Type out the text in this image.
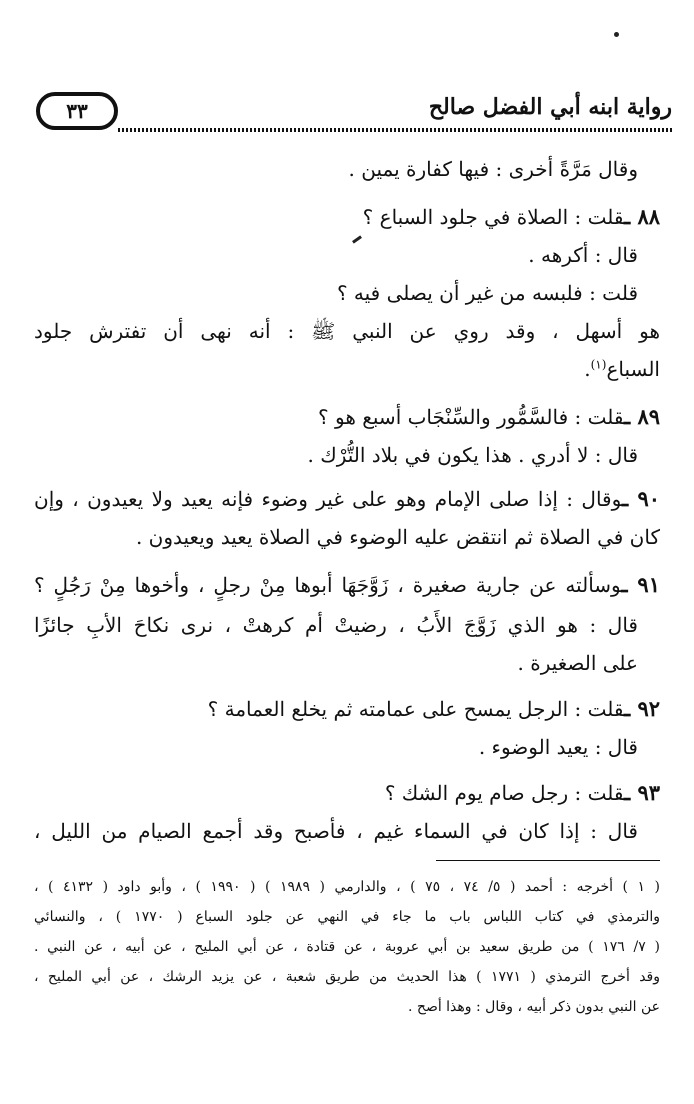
رواية ابنه أبي الفضل صالح
٣٣
وقال مَرَّةً أخرى : فيها كفارة يمين .
٨٨ ـقلت : الصلاة في جلود السباع ؟
قال : أكرهه .
قلت : فلبسه من غير أن يصلى فيه ؟
هو أسهل ، وقد روي عن النبي ﷺ : أنه نهى أن تفترش جلود
السباع$^{(١)}$.
٨٩ ـقلت : فالسَّمُّور والسِّنْجَاب أسبع هو ؟
قال : لا أدري . هذا يكون في بلاد التُّرْك .
٩٠ ـوقال : إذا صلى الإمام وهو على غير وضوء فإنه يعيد ولا يعيدون ، وإن
كان في الصلاة ثم انتقض عليه الوضوء في الصلاة يعيد ويعيدون .
٩١ ـوسألته عن جارية صغيرة ، زَوَّجَهَا أبوها مِنْ رجلٍ ، وأخوها مِنْ رَجُلٍ ؟
قال : هو الذي زَوَّجَ الأَبُ ، رضيتْ أم كرهتْ ، نرى نكاحَ الأبِ جائزًا
على الصغيرة .
٩٢ ـقلت : الرجل يمسح على عمامته ثم يخلع العمامة ؟
قال : يعيد الوضوء .
٩٣ ـقلت : رجل صام يوم الشك ؟
قال : إذا كان في السماء غيم ، فأصبح وقد أجمع الصيام من الليل ،
( ١ ) أخرجه : أحمد ( ٥/ ٧٤ ، ٧٥ ) ، والدارمي ( ١٩٨٩ ) ( ١٩٩٠ ) ، وأبو داود ( ٤١٣٢ ) ،
والترمذي في كتاب اللباس باب ما جاء في النهي عن جلود السباع ( ١٧٧٠ ) ، والنسائي
( ٧/ ١٧٦ ) من طريق سعيد بن أبي عروبة ، عن قتادة ، عن أبي المليح ، عن أبيه ، عن النبي .
وقد أخرج الترمذي ( ١٧٧١ ) هذا الحديث من طريق شعبة ، عن يزيد الرشك ، عن أبي المليح ،
عن النبي بدون ذكر أبيه ، وقال : وهذا أصح .
